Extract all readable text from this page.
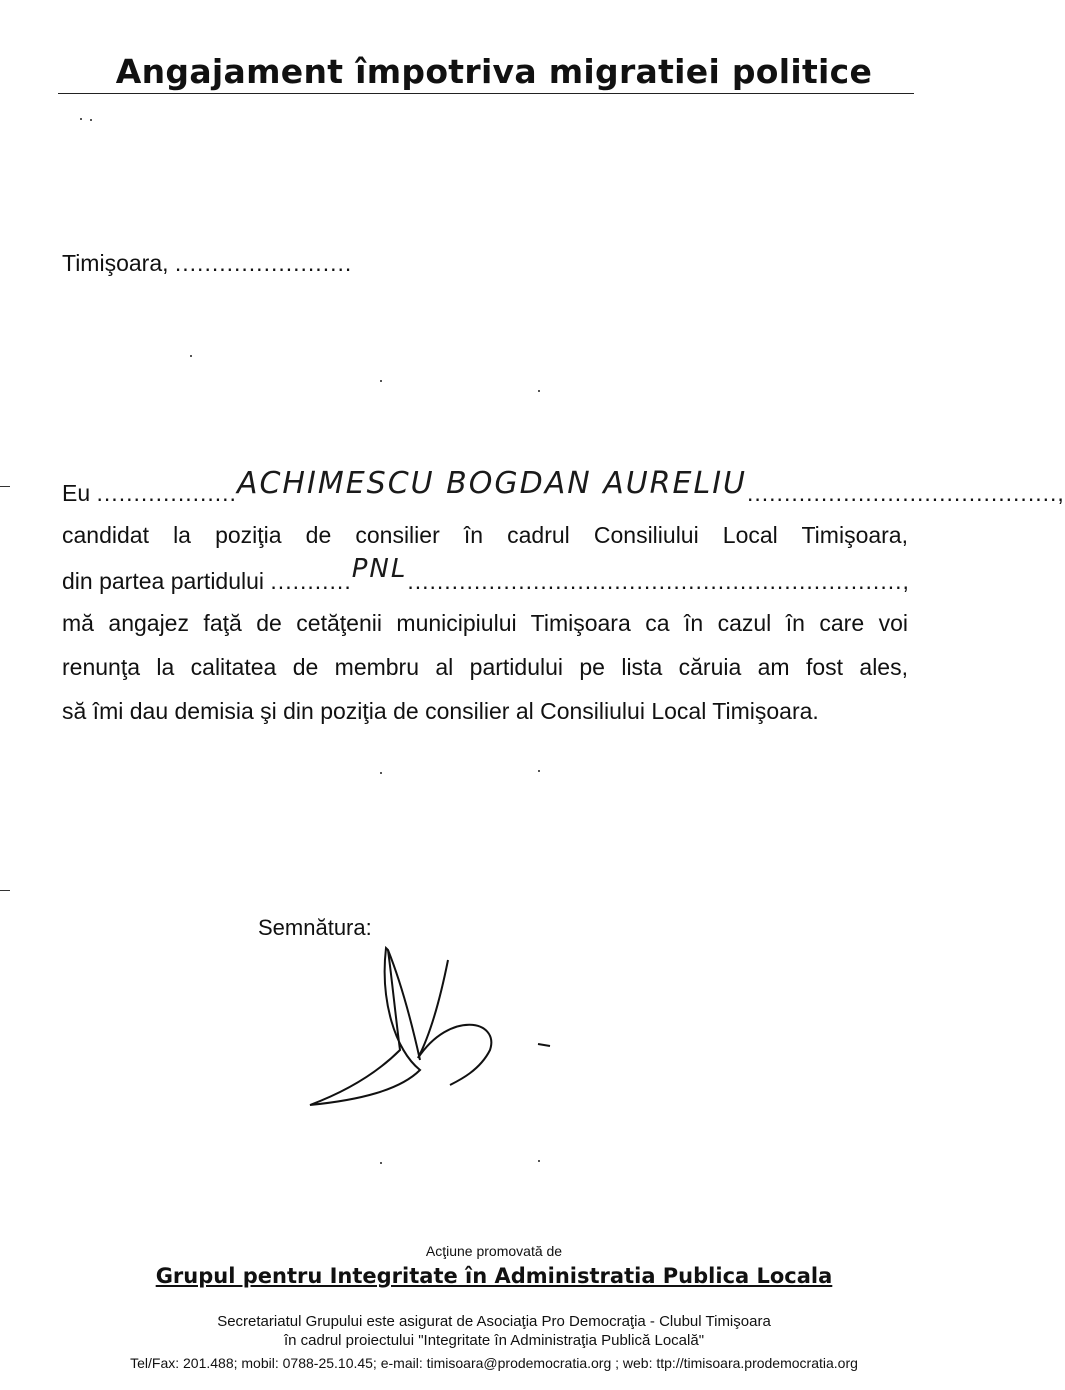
Angajament împotriva migratiei politice
Timişoara, ........................
Eu ...................ACHIMESCU BOGDAN AURELIU..........................................,
candidat la poziţia de consilier în cadrul Consiliului Local Timişoara,
din partea partidului ...........PNL...................................................................,
mă angajez faţă de cetăţenii municipiului Timişoara ca în cazul în care voi
renunţa la calitatea de membru al partidului pe lista căruia am fost ales,
să îmi dau demisia şi din poziţia de consilier al Consiliului Local Timişoara.
Semnătura:
Acţiune promovată de
Grupul pentru Integritate în Administratia Publica Locala
Secretariatul Grupului este asigurat de Asociaţia Pro Democraţia - Clubul Timişoara
în cadrul proiectului "Integritate în Administraţia Publică Locală"
Tel/Fax: 201.488; mobil: 0788-25.10.45; e-mail: timisoara@prodemocratia.org ; web: ttp://timisoara.prodemocratia.org
